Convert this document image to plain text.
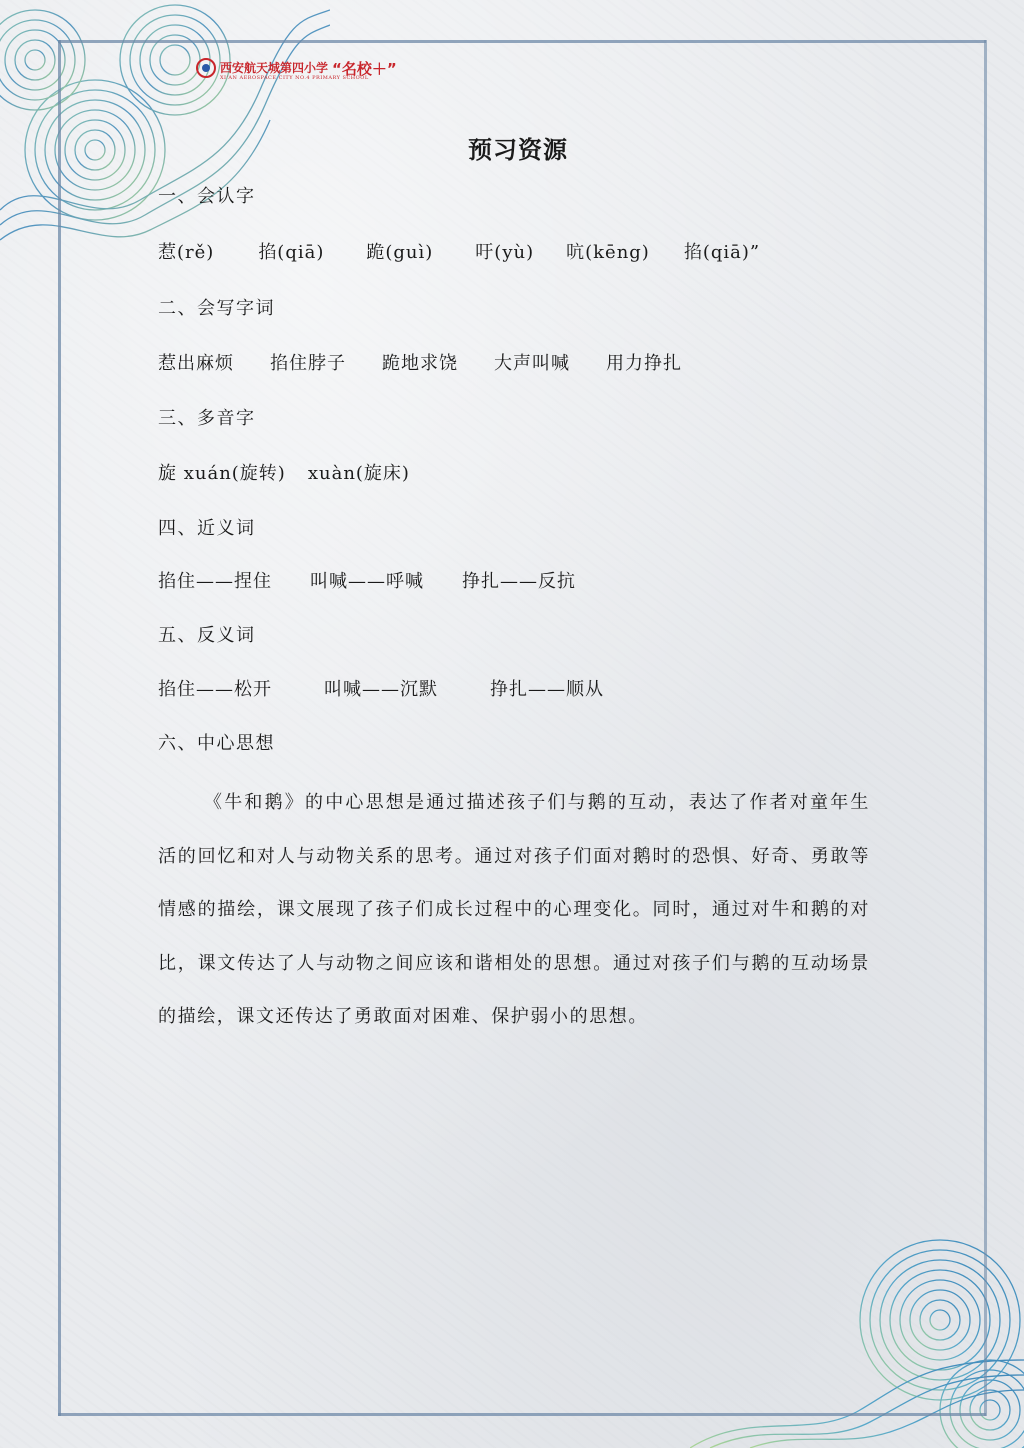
西安航天城第四小学 “名校＋”
XI'AN AEROSPACE CITY NO.4 PRIMARY SCHOOL
预习资源
一、会认字
惹(rě) 掐(qiā) 跪(guì) 吁(yù) 吭(kēng) 掐(qiā)”
二、会写字词
惹出麻烦 掐住脖子 跪地求饶 大声叫喊 用力挣扎
三、多音字
旋 xuán(旋转) xuàn(旋床)
四、近义词
掐住——捏住 叫喊——呼喊 挣扎——反抗
五、反义词
掐住——松开	叫喊——沉默	挣扎——顺从
六、中心思想
《牛和鹅》的中心思想是通过描述孩子们与鹅的互动，表达了作者对童年生活的回忆和对人与动物关系的思考。通过对孩子们面对鹅时的恐惧、好奇、勇敢等情感的描绘，课文展现了孩子们成长过程中的心理变化。同时，通过对牛和鹅的对比，课文传达了人与动物之间应该和谐相处的思想。通过对孩子们与鹅的互动场景的描绘，课文还传达了勇敢面对困难、保护弱小的思想。
